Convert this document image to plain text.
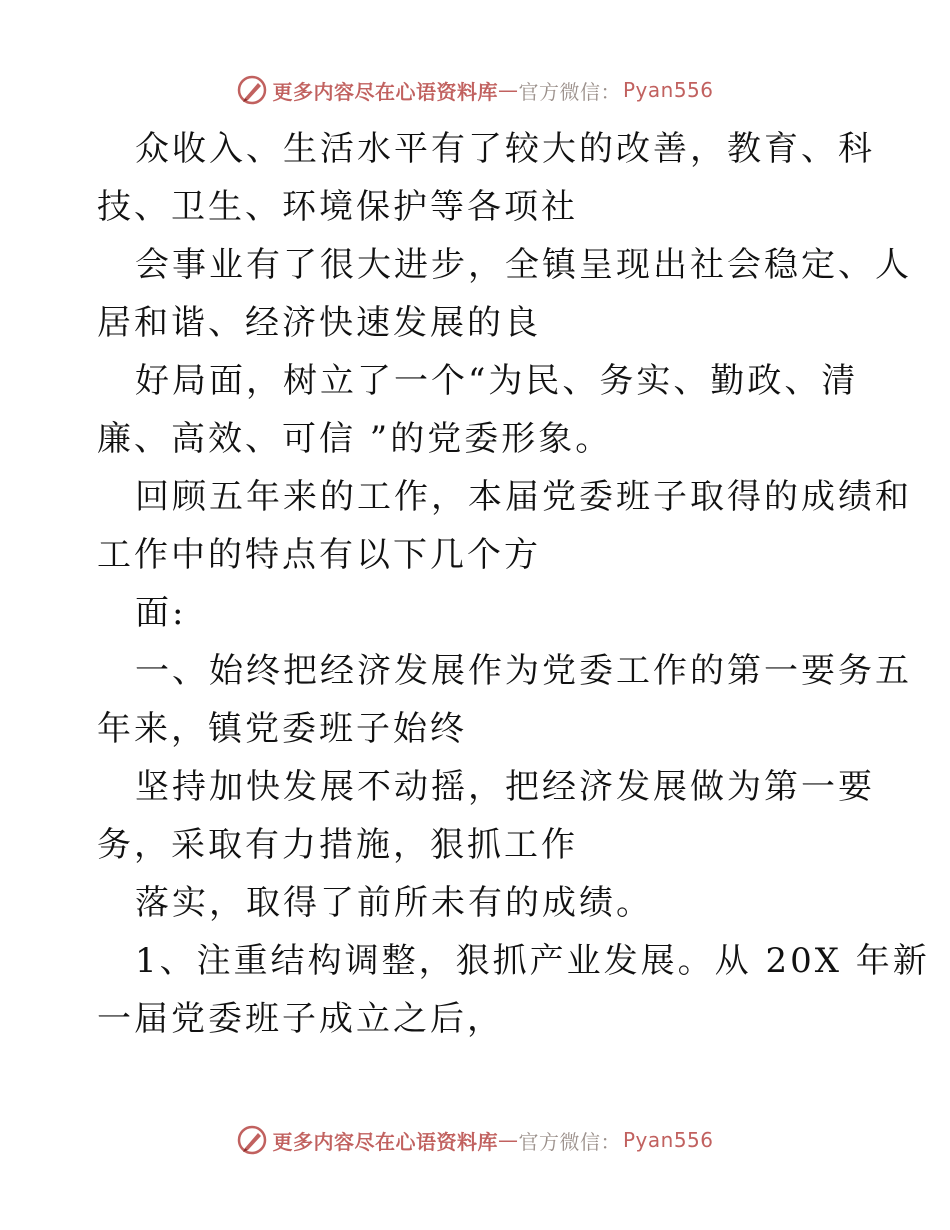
更多内容尽在心语资料库 — 官方微信： Pyan556
众收入、生活水平有了较大的改善，教育、科
技、卫生、环境保护等各项社
会事业有了很大进步，全镇呈现出社会稳定、人
居和谐、经济快速发展的良
好局面，树立了一个“为民、务实、勤政、清
廉、高效、可信 ”的党委形象。
回顾五年来的工作，本届党委班子取得的成绩和
工作中的特点有以下几个方
面:
一、始终把经济发展作为党委工作的第一要务五
年来，镇党委班子始终
坚持加快发展不动摇，把经济发展做为第一要
务，采取有力措施，狠抓工作
落实，取得了前所未有的成绩。
1、注重结构调整，狠抓产业发展。从 20X 年新
一届党委班子成立之后，
更多内容尽在心语资料库 — 官方微信： Pyan556
